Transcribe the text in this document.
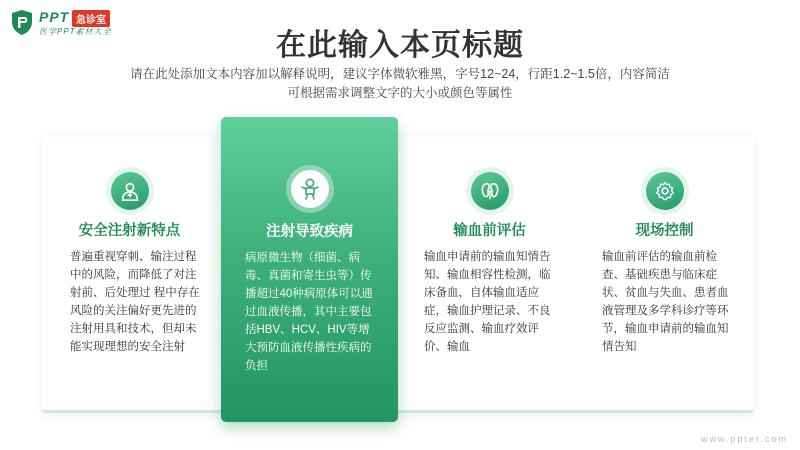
PPT 急诊室
医学PPT素材大全	在此输入本页标题
请在此处添加文本内容加以解释说明，建议字体微软雅黑，字号12~24，行距1.2~1.5倍，内容简洁
可根据需求调整文字的大小或颜色等属性
安全注射新特点
普遍重视穿刺、输注过程中的风险，而降低了对注射前、后处理过 程中存在风险的关注偏好更先进的注射用具和技术，但却未能实现理想的安全注射
输血前评估
输血申请前的输血知情告知、输血相容性检测，临床备血，自体输血适应症，输血护理记录、不良反应监测、输血疗效评价、输血
现场控制
输血前评估的输血前检查、基础疾患与临床症状、贫血与失血、患者血液管理及多学科诊疗等环节，输血申请前的输血知情告知
注射导致疾病
病原微生物（细菌、病毒、真菌和寄生虫等）传播超过40种病原体可以通过血液传播，其中主要包括HBV、HCV、HIV等增大预防血液传播性疾病的负担
www.ppter.com
